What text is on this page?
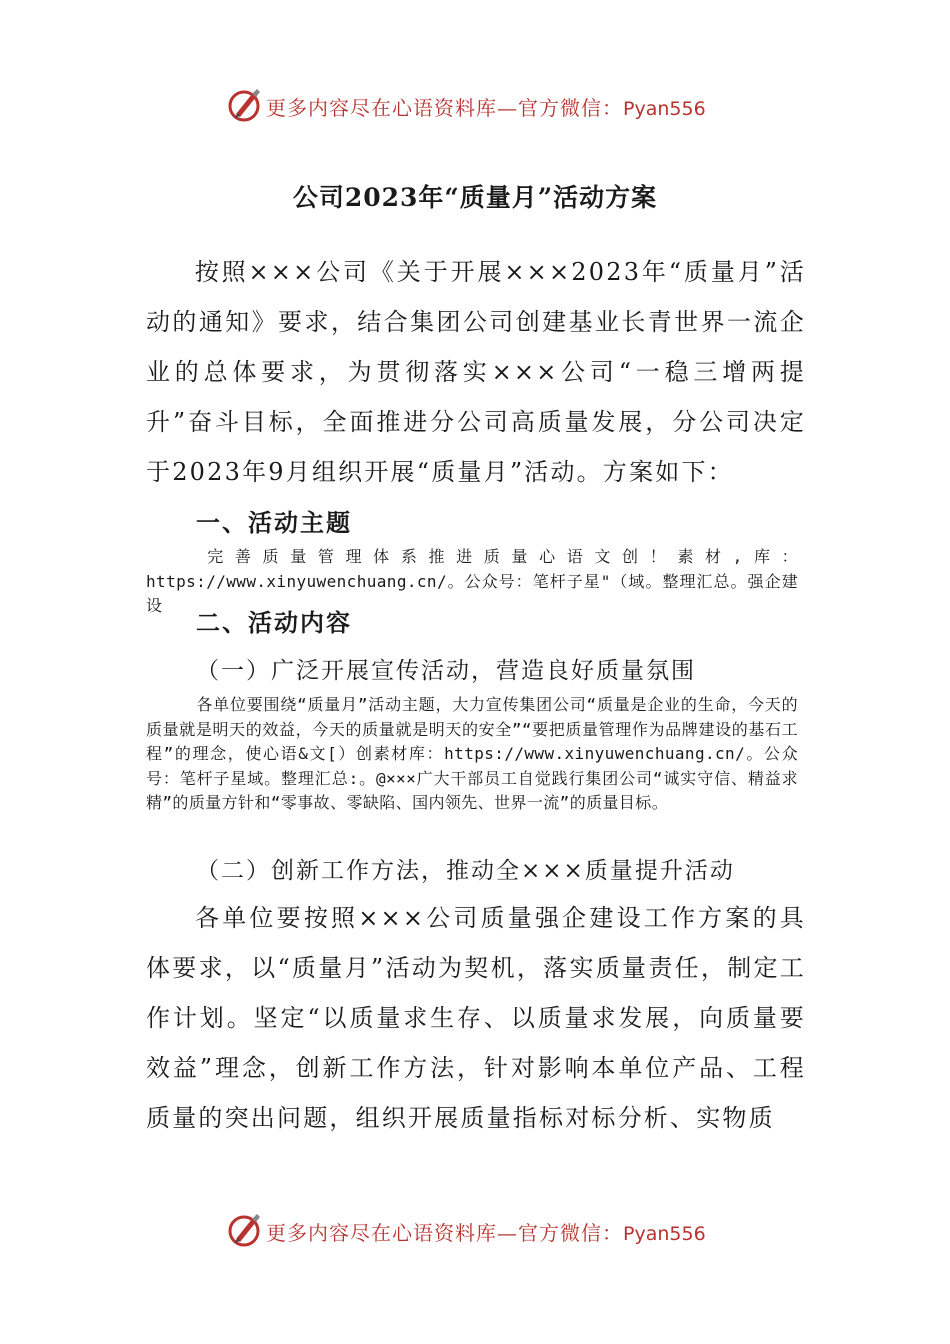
更多内容尽在心语资料库—官方微信：Pyan556
公司2023年“质量月”活动方案

按照×××公司《关于开展×××2023年“质量月”活动的通知》要求，结合集团公司创建基业长青世界一流企业的总体要求，为贯彻落实×××公司“一稳三增两提升”奋斗目标，全面推进分公司高质量发展，分公司决定于2023年9月组织开展“质量月”活动。方案如下：

一、活动主题

完善质量管理体系推进质量心语文创！素材,库：https://www.xinyuwenchuang.cn/。公众号：笔杆子星"（域。整理汇总。强企建设

二、活动内容
（一）广泛开展宣传活动，营造良好质量氛围

各单位要围绕“质量月”活动主题，大力宣传集团公司“质量是企业的生命，今天的质量就是明天的效益，今天的质量就是明天的安全”“要把质量管理作为品牌建设的基石工程”的理念，使心语&文[）创素材库：https://www.xinyuwenchuang.cn/。公众号：笔杆子星域。整理汇总:。@×××广大干部员工自觉践行集团公司“诚实守信、精益求精”的质量方针和“零事故、零缺陷、国内领先、世界一流”的质量目标。

（二）创新工作方法，推动全×××质量提升活动

各单位要按照×××公司质量强企建设工作方案的具体要求，以“质量月”活动为契机，落实质量责任，制定工作计划。坚定“以质量求生存、以质量求发展，向质量要效益”理念，创新工作方法，针对影响本单位产品、工程质量的突出问题，组织开展质量指标对标分析、实物质

更多内容尽在心语资料库—官方微信：Pyan556
